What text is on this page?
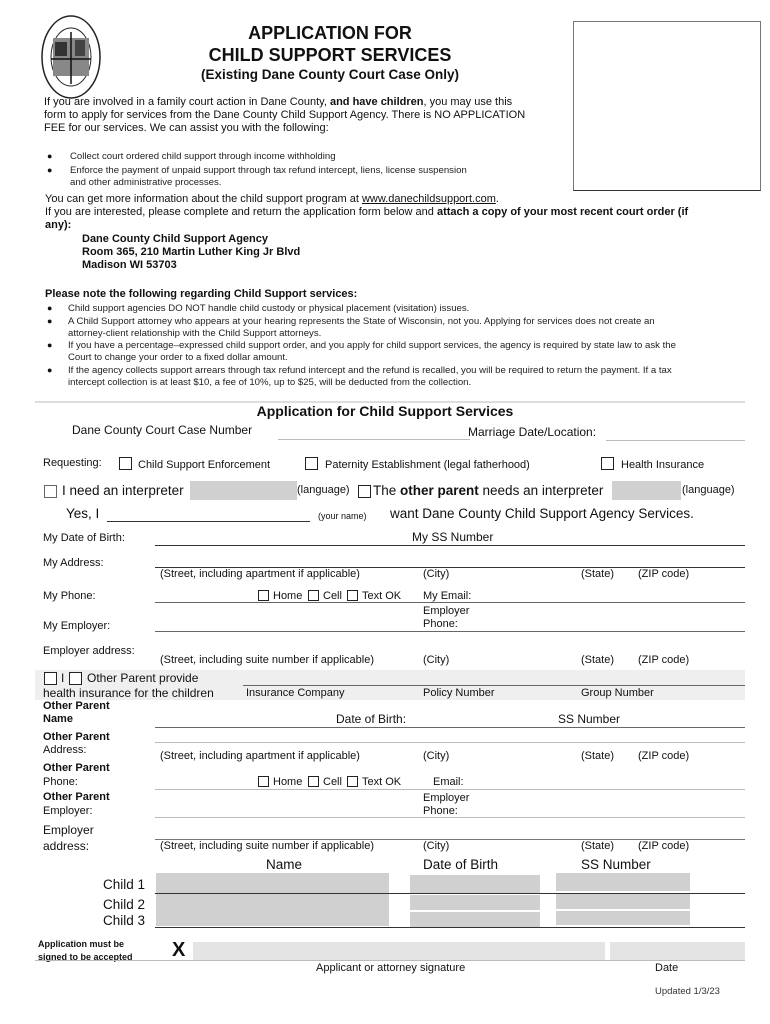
APPLICATION FOR
CHILD SUPPORT SERVICES
(Existing Dane County Court Case Only)
If you are involved in a family court action in Dane County, and have children, you may use this
form to apply for services from the Dane County Child Support Agency. There is NO APPLICATION
FEE for our services. We can assist you with the following:
● Collect court ordered child support through income withholding
● Enforce the payment of unpaid support through tax refund intercept, liens, license suspension
and other administrative processes.
You can get more information about the child support program at www.danechildsupport.com.
If you are interested, please complete and return the application form below and attach a copy of your most recent court order (if
any):
Dane County Child Support Agency
Room 365, 210 Martin Luther King Jr Blvd
Madison WI 53703
Please note the following regarding Child Support services:
● Child support agencies DO NOT handle child custody or physical placement (visitation) issues.
● A Child Support attorney who appears at your hearing represents the State of Wisconsin, not you. Applying for services does not create an
attorney-client relationship with the Child Support attorneys.
● If you have a percentage–expressed child support order, and you apply for child support services, the agency is required by state law to ask the
Court to change your order to a fixed dollar amount.
● If the agency collects support arrears through tax refund intercept and the refund is recalled, you will be required to return the payment. If a tax
intercept collection is at least $10, a fee of 10%, up to $25, will be deducted from the collection.
Application for Child Support Services
Dane County Court Case Number	Marriage Date/Location:
Requesting:	Child Support Enforcement	Paternity Establishment (legal fatherhood)	Health Insurance
I need an interpreter	(language) The other parent needs an interpreter	(language)
Yes, I	(your name) want Dane County Child Support Agency Services.
My Date of Birth:	My SS Number
My Address:
(Street, including apartment if applicable)	(City)	(State) (ZIP code)
My Phone:	Home Cell Text OK My Email:
Employer
Phone:
My Employer:
Employer address:
(Street, including suite number if applicable)	(City)	(State) (ZIP code)
I Other Parent provide
health insurance for the children	Insurance Company	Policy Number	Group Number
Other Parent
Name	Date of Birth:	SS Number
Other Parent
Address:	(Street, including apartment if applicable)	(City)	(State) (ZIP code)
Other Parent
Phone:	Home Cell Text OK	Email:
Other Parent
Employer:
Employer
Phone:
Employer
address:	(Street, including suite number if applicable)	(City)	(State) (ZIP code)
Name	Date of Birth	SS Number
Child 1
Child 2
Child 3
Application must be
signed to be accepted X
Applicant or attorney signature	Date
Updated 1/3/23
